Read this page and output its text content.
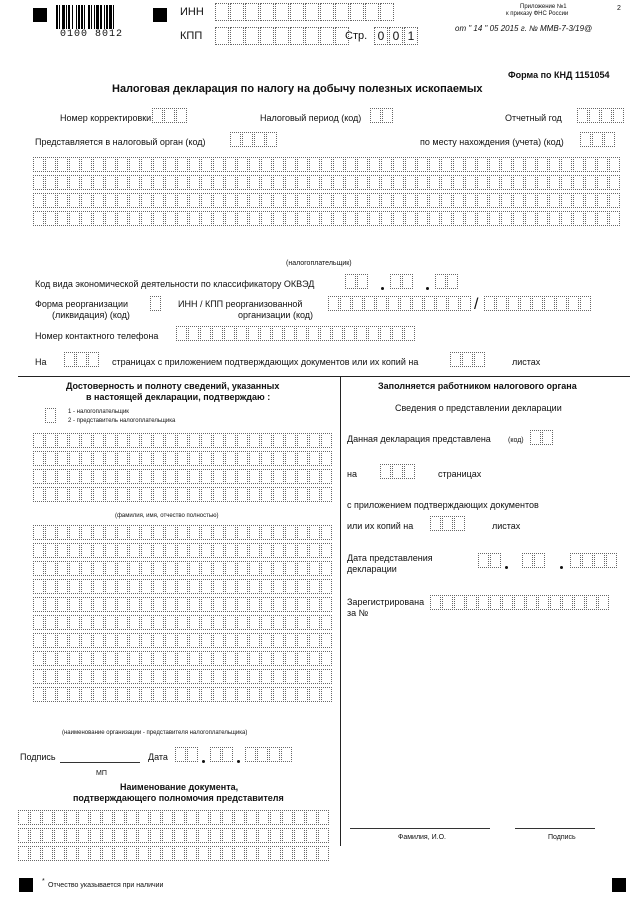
0100 8012
ИНН
КПП	Стр. 0 0 1
2
Приложение №1
к приказу ФНС России
от " 14 " 05 2015 г. № ММВ-7-3/19@
Форма по КНД 1151054
Налоговая декларация по налогу на добычу полезных ископаемых
Номер корректировки	Налоговый период (код)	Отчетный год
Представляется в налоговый орган (код)	по месту нахождения (учета) (код)
(налогоплательщик)
Код вида экономической деятельности по классификатору ОКВЭД
Форма реорганизации
(ликвидация) (код)
ИНН / КПП реорганизованной
организации (код)
/
Номер контактного телефона
На	страницах с приложением подтверждающих документов или их копий на	листах
Достоверность и полноту сведений, указанных
в настоящей декларации, подтверждаю :
1 - налогоплательщик
2 - представитель налогоплательщика
(фамилия, имя, отчество полностью)
(наименование организации - представителя налогоплательщика)
Подпись
МП
Дата
Наименование документа,
подтверждающего полномочия представителя
Заполняется работником налогового органа
Сведения о представлении декларации
Данная декларация представлена (код)
на	страницах
с приложением подтверждающих документов
или их копий на	листах
Дата представления
декларации
Зарегистрирована
за №
Фамилия, И.О.	Подпись
*
Отчество указывается при наличии
